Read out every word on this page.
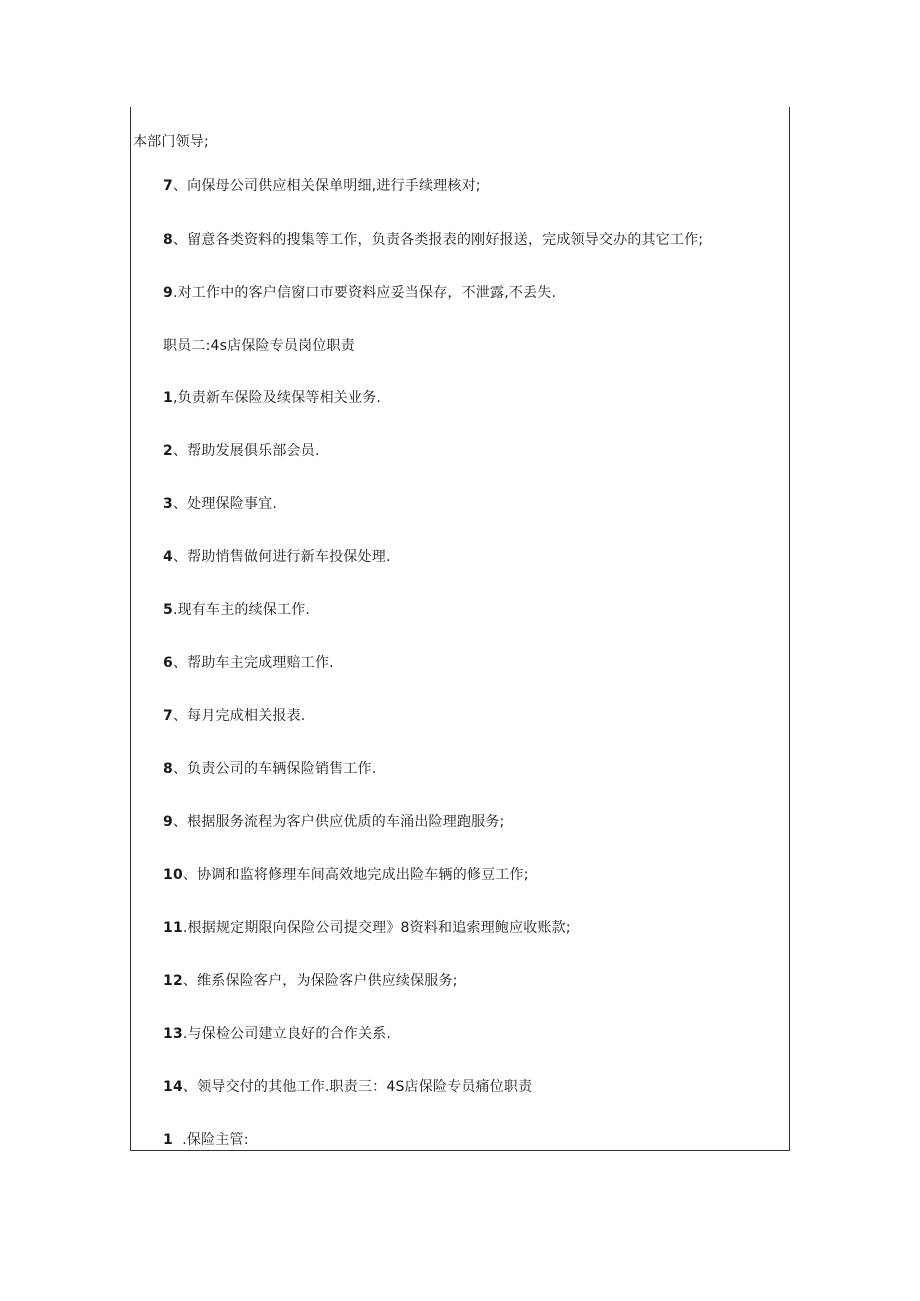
本部门领导;
7、向保母公司供应相关保单明细,进行手续理核对;
8、留意各类资料的搜集等工作，负责各类报表的刚好报送，完成领导交办的其它工作;
9.对工作中的客户信窗口市要资料应妥当保存，不泄露,不丢失.
职员二:4s店保险专员岗位职责
1,负责新车保险及续保等相关业务.
2、帮助发展俱乐部会员.
3、处理保险事宜.
4、帮助悄售做何进行新车投保处理.
5.现有车主的续保工作.
6、帮助车主完成理赔工作.
7、每月完成相关报表.
8、负责公司的车辆保险销售工作.
9、根据服务流程为客户供应优质的车涌出险理跑服务;
10、协调和监将修理车间高效地完成出险车辆的修豆工作;
11.根据规定期限向保险公司提交理》8资料和追索理鲍应收账款;
12、维系保险客户，为保险客户供应续保服务;
13.与保检公司建立良好的合作关系.
14、领导交付的其他工作.职责三：4S店保险专员痛位职责
1  .保险主管:
